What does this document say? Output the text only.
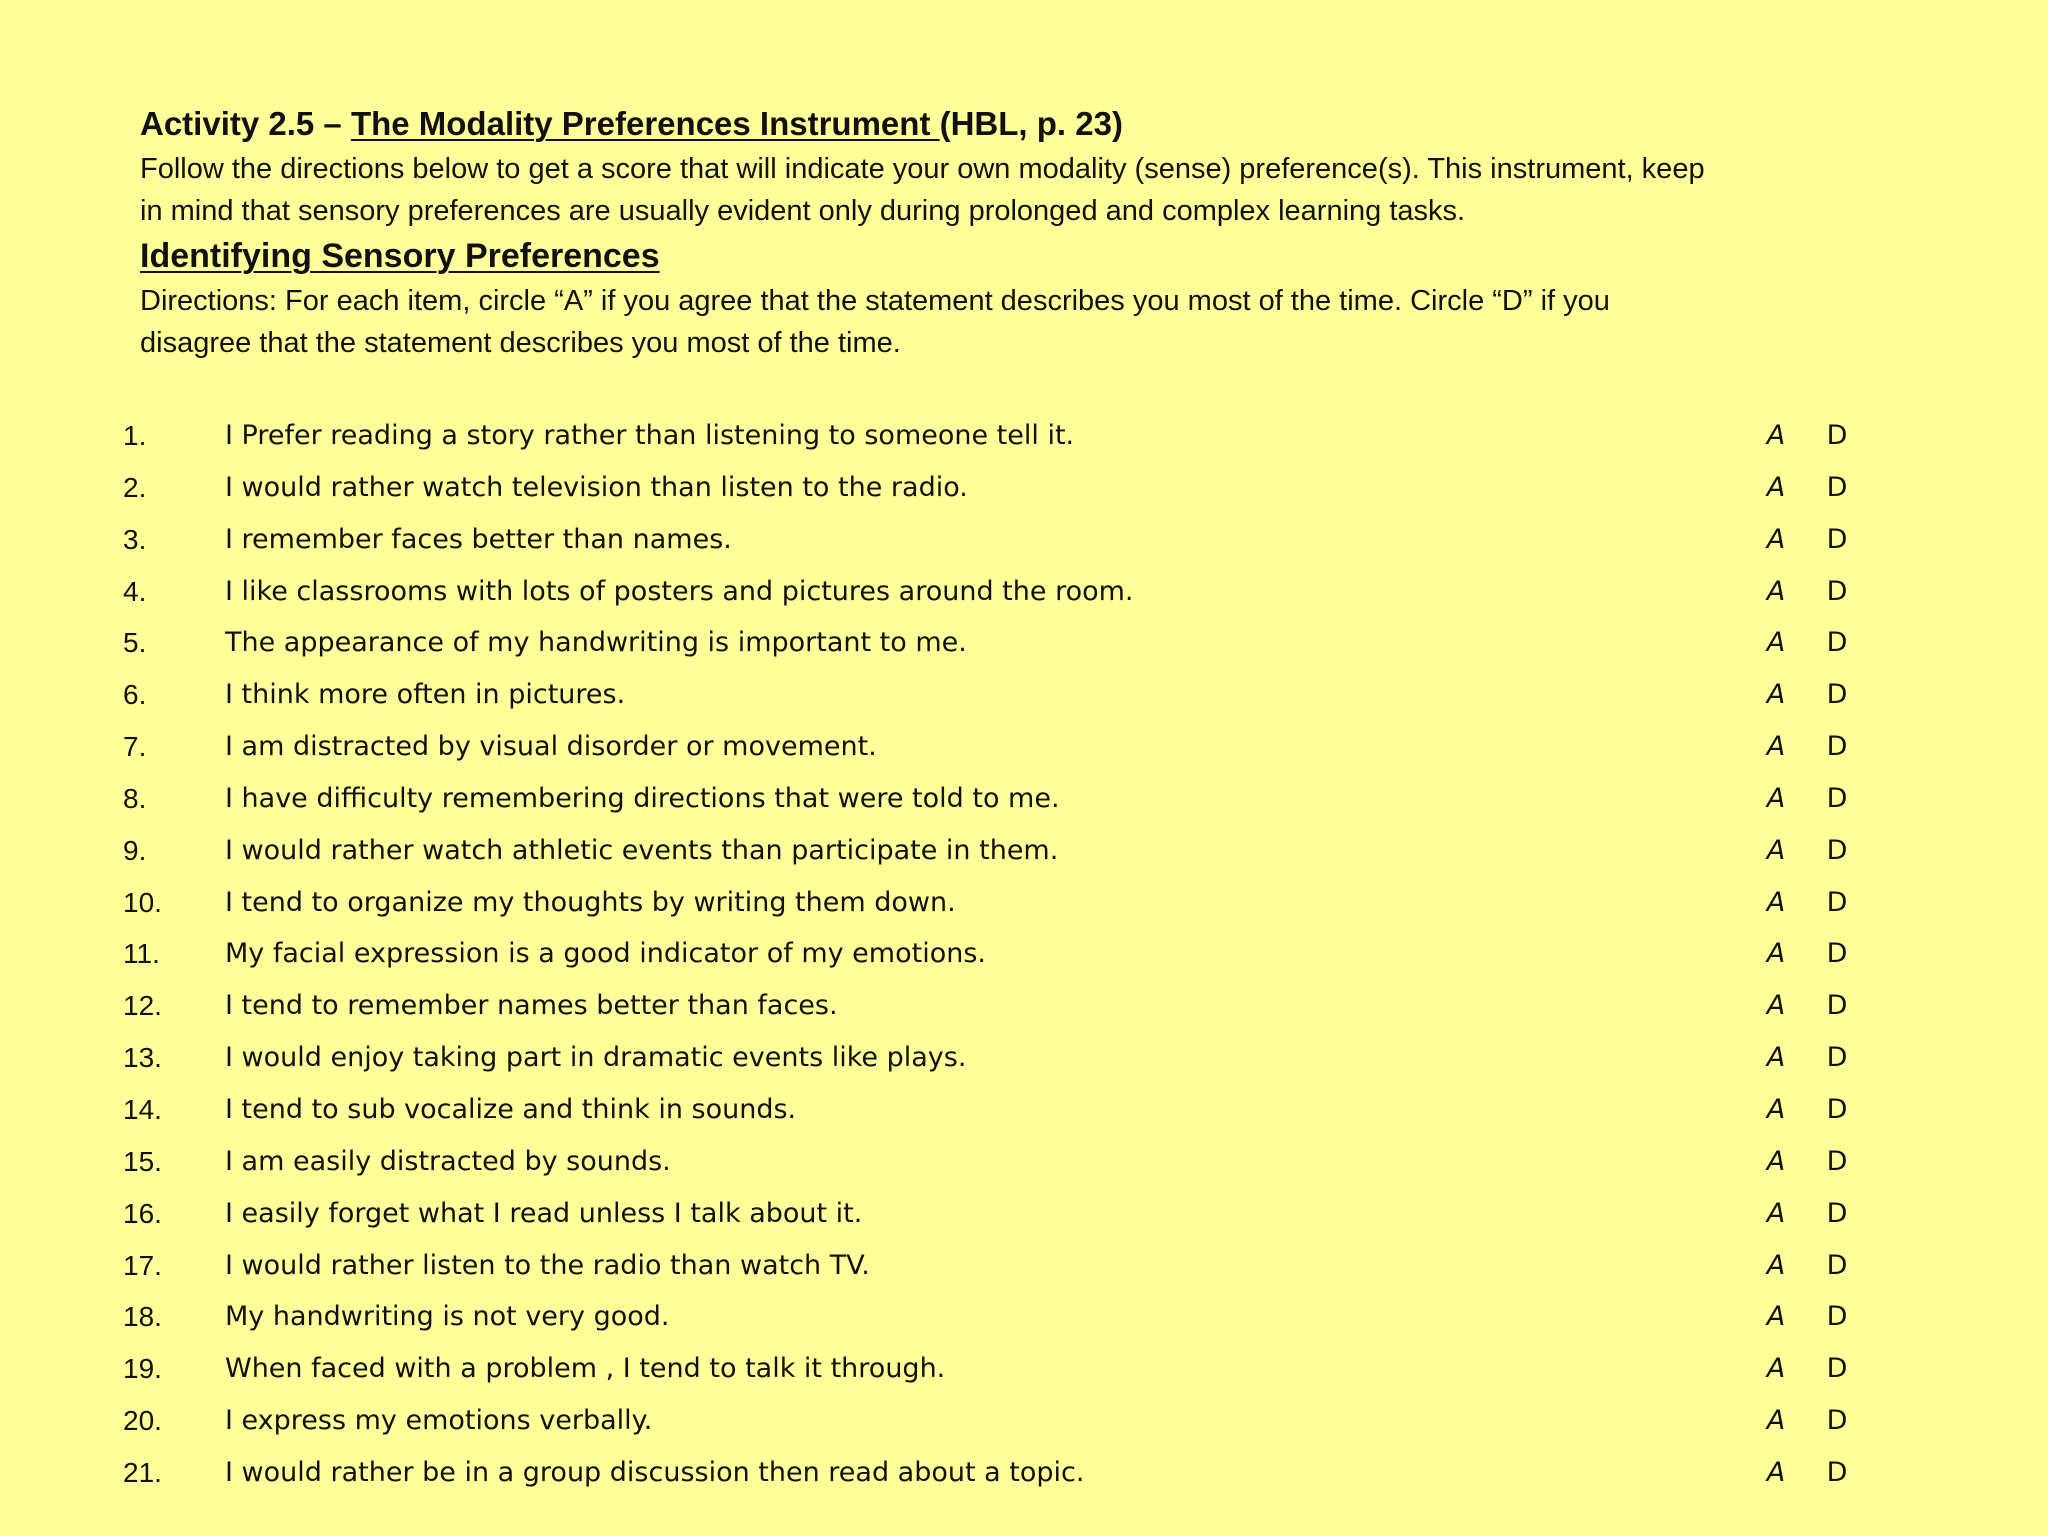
Activity 2.5 – The Modality Preferences Instrument (HBL, p. 23)
Follow the directions below to get a score that will indicate your own modality (sense) preference(s). This instrument, keep
in mind that sensory preferences are usually evident only during prolonged and complex learning tasks.
Identifying Sensory Preferences
Directions: For each item, circle “A” if you agree that the statement describes you most of the time. Circle “D” if you
disagree that the statement describes you most of the time.
1.	I Prefer reading a story rather than listening to someone tell it.	A D
2.	I would rather watch television than listen to the radio.	A D
3.	I remember faces better than names.	A D
4.	I like classrooms with lots of posters and pictures around the room.	A D
5.	The appearance of my handwriting is important to me.	A D
6.	I think more often in pictures.	A D
7.	I am distracted by visual disorder or movement.	A D
8.	I have difficulty remembering directions that were told to me.	A D
9.	I would rather watch athletic events than participate in them.	A D
10.	I tend to organize my thoughts by writing them down.	A D
11.	My facial expression is a good indicator of my emotions.	A D
12.	I tend to remember names better than faces.	A D
13.	I would enjoy taking part in dramatic events like plays.	A D
14.	I tend to sub vocalize and think in sounds.	A D
15.	I am easily distracted by sounds.	A D
16.	I easily forget what I read unless I talk about it.	A D
17.	I would rather listen to the radio than watch TV.	A D
18.	My handwriting is not very good.	A D
19.	When faced with a problem , I tend to talk it through.	A D
20.	I express my emotions verbally.	A D
21.	I would rather be in a group discussion then read about a topic.	A D
